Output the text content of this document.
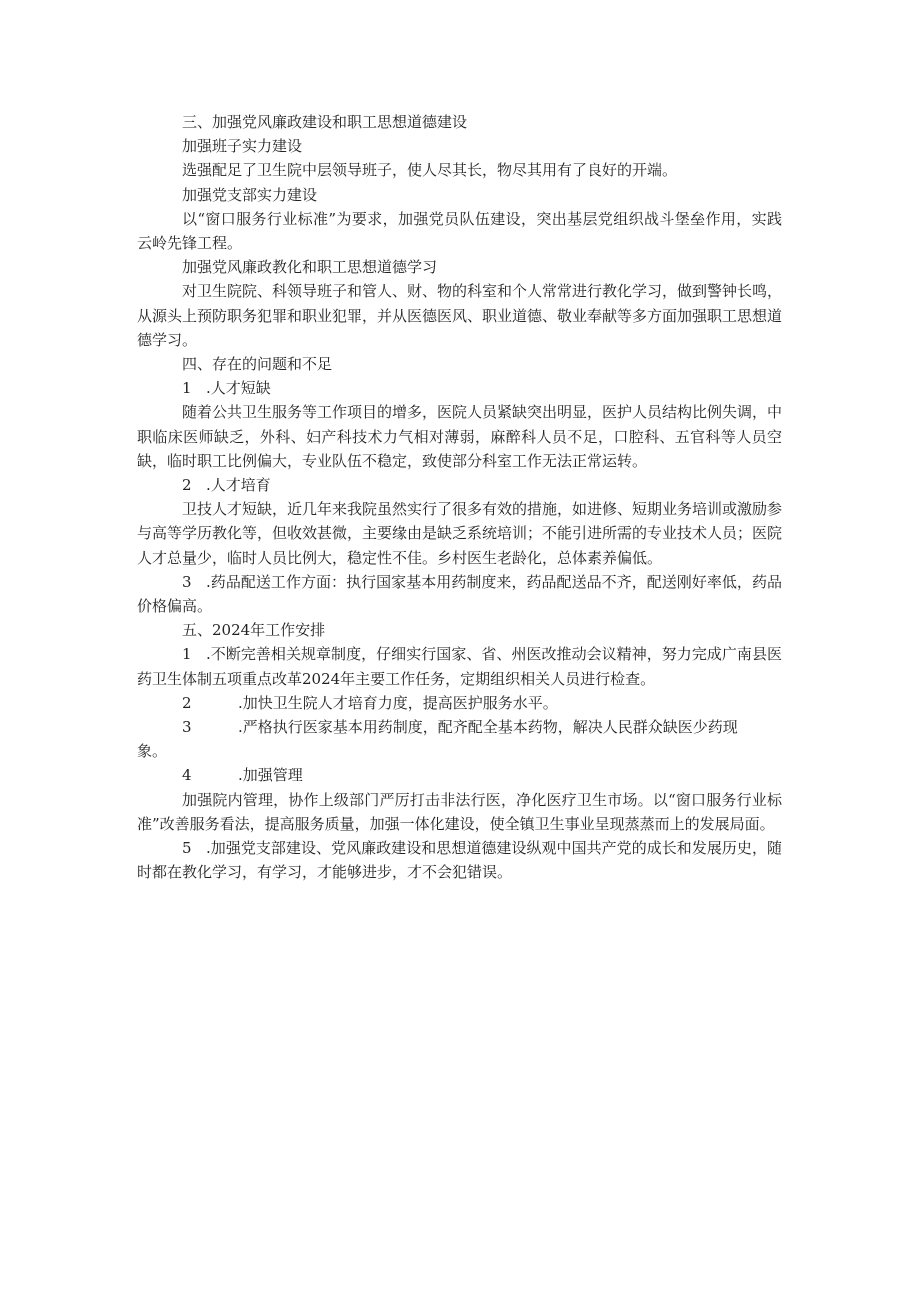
三、加强党风廉政建设和职工思想道德建设

加强班子实力建设

选强配足了卫生院中层领导班子，使人尽其长，物尽其用有了良好的开端。

加强党支部实力建设

以“窗口服务行业标准”为要求，加强党员队伍建设，突出基层党组织战斗堡垒作用，实践云岭先锋工程。

加强党风廉政教化和职工思想道德学习

对卫生院院、科领导班子和管人、财、物的科室和个人常常进行教化学习，做到警钟长鸣，从源头上预防职务犯罪和职业犯罪，并从医德医风、职业道德、敬业奉献等多方面加强职工思想道德学习。

四、存在的问题和不足

1 .人才短缺

随着公共卫生服务等工作项目的增多，医院人员紧缺突出明显，医护人员结构比例失调，中职临床医师缺乏，外科、妇产科技术力气相对薄弱，麻醉科人员不足，口腔科、五官科等人员空缺，临时职工比例偏大，专业队伍不稳定，致使部分科室工作无法正常运转。

2 .人才培育

卫技人才短缺，近几年来我院虽然实行了很多有效的措施，如进修、短期业务培训或激励参与高等学历教化等，但收效甚微，主要缘由是缺乏系统培训；不能引进所需的专业技术人员；医院人才总量少，临时人员比例大，稳定性不佳。乡村医生老龄化，总体素养偏低。

3 .药品配送工作方面：执行国家基本用药制度来，药品配送品不齐，配送刚好率低，药品价格偏高。

五、2024年工作安排

1 .不断完善相关规章制度，仔细实行国家、省、州医改推动会议精神，努力完成广南县医药卫生体制五项重点改革2024年主要工作任务，定期组织相关人员进行检查。

2	.加快卫生院人才培育力度，提高医护服务水平。

3	.严格执行医家基本用药制度，配齐配全基本药物，解决人民群众缺医少药现

象。

4	.加强管理

加强院内管理，协作上级部门严厉打击非法行医，净化医疗卫生市场。以“窗口服务行业标准”改善服务看法，提高服务质量，加强一体化建设，使全镇卫生事业呈现蒸蒸而上的发展局面。

5 .加强党支部建设、党风廉政建设和思想道德建设纵观中国共产党的成长和发展历史，随时都在教化学习，有学习，才能够进步，才不会犯错误。
